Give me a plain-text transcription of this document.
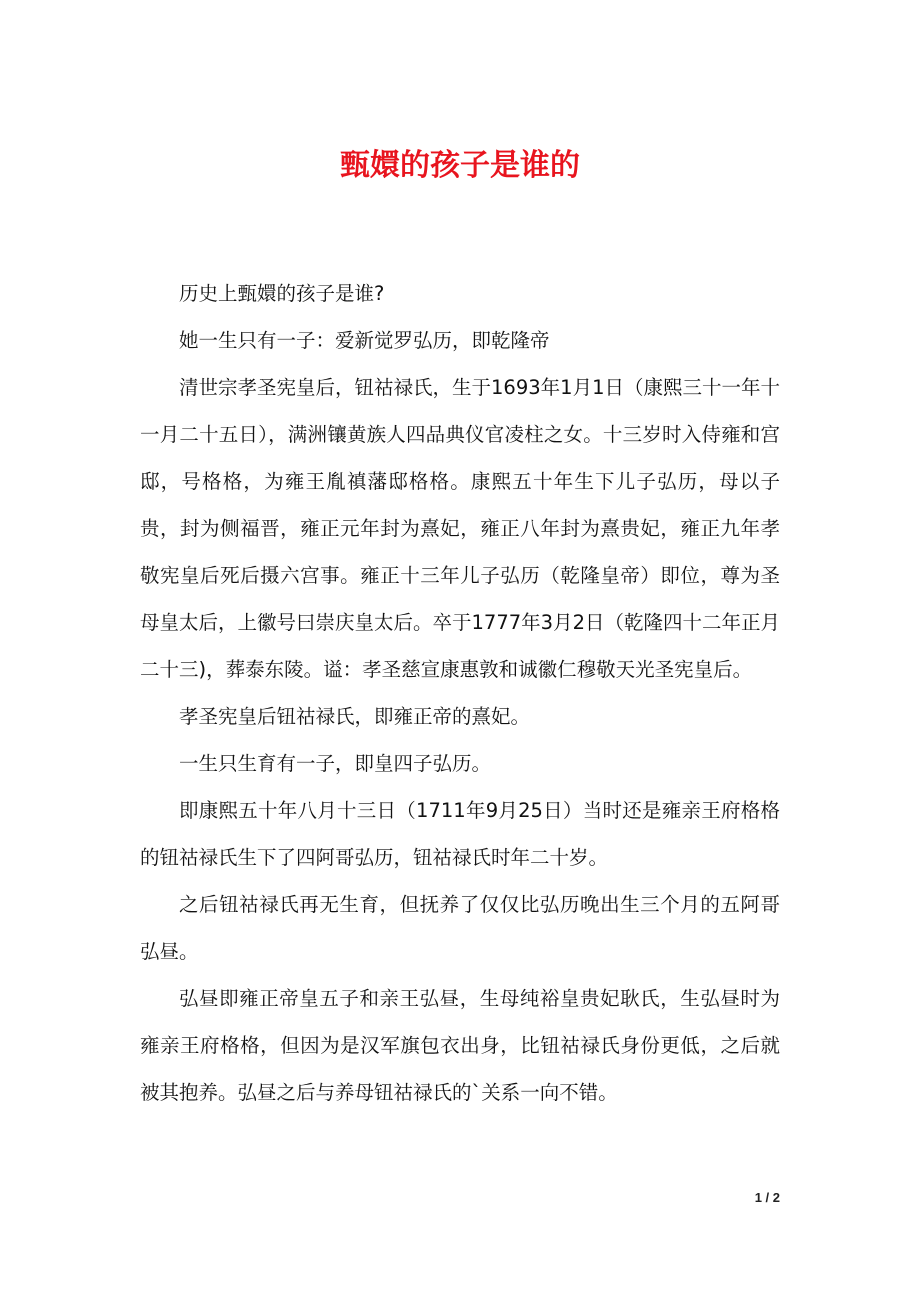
甄嬛的孩子是谁的

历史上甄嬛的孩子是谁?

她一生只有一子：爱新觉罗弘历，即乾隆帝

清世宗孝圣宪皇后，钮祜禄氏，生于1693年1月1日（康熙三十一年十一月二十五日），满洲镶黄族人四品典仪官凌柱之女。十三岁时入侍雍和宫邸，号格格，为雍王胤禛藩邸格格。康熙五十年生下儿子弘历，母以子贵，封为侧福晋，雍正元年封为熹妃，雍正八年封为熹贵妃，雍正九年孝敬宪皇后死后摄六宫事。雍正十三年儿子弘历（乾隆皇帝）即位，尊为圣母皇太后，上徽号曰崇庆皇太后。卒于1777年3月2日（乾隆四十二年正月二十三)，葬泰东陵。谥：孝圣慈宣康惠敦和诚徽仁穆敬天光圣宪皇后。

孝圣宪皇后钮祜禄氏，即雍正帝的熹妃。

一生只生育有一子，即皇四子弘历。

即康熙五十年八月十三日（1711年9月25日）当时还是雍亲王府格格的钮祜禄氏生下了四阿哥弘历，钮祜禄氏时年二十岁。

之后钮祜禄氏再无生育，但抚养了仅仅比弘历晚出生三个月的五阿哥弘昼。

弘昼即雍正帝皇五子和亲王弘昼，生母纯裕皇贵妃耿氏，生弘昼时为雍亲王府格格，但因为是汉军旗包衣出身，比钮祜禄氏身份更低，之后就被其抱养。弘昼之后与养母钮祜禄氏的`关系一向不错。

1 / 2
